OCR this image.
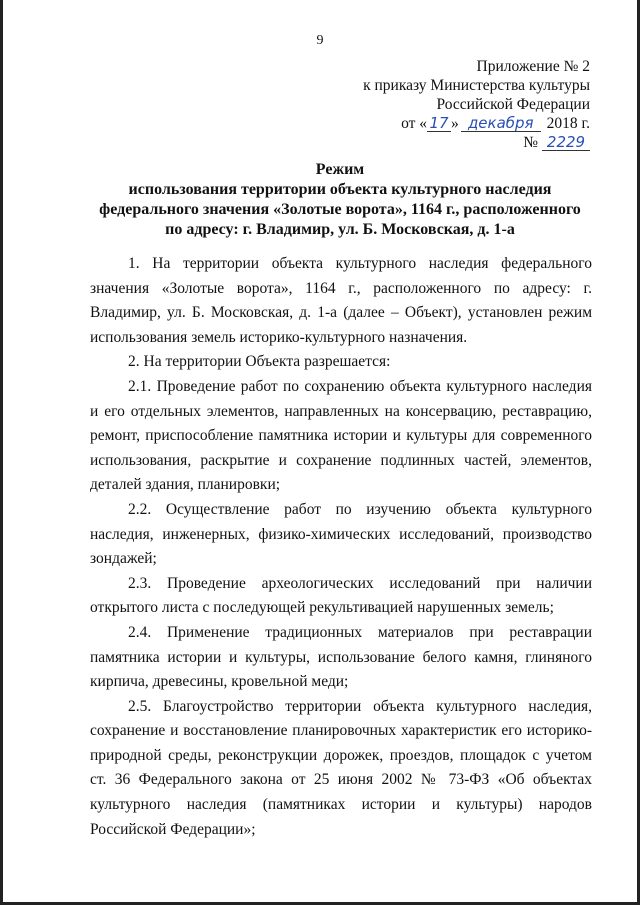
9
Приложение № 2
к приказу Министерства культуры
Российской Федерации
от « 17 » декабря 2018 г.
№ 2229
Режим
использования территории объекта культурного наследия
федерального значения «Золотые ворота», 1164 г., расположенного
по адресу: г. Владимир, ул. Б. Московская, д. 1-а

1. На территории объекта культурного наследия федерального значения «Золотые ворота», 1164 г., расположенного по адресу: г. Владимир, ул. Б. Московская, д. 1-а (далее – Объект), установлен режим использования земель историко-культурного назначения.

2. На территории Объекта разрешается:

2.1. Проведение работ по сохранению объекта культурного наследия и его отдельных элементов, направленных на консервацию, реставрацию, ремонт, приспособление памятника истории и культуры для современного использования, раскрытие и сохранение подлинных частей, элементов, деталей здания, планировки;

2.2. Осуществление работ по изучению объекта культурного наследия, инженерных, физико-химических исследований, производство зондажей;

2.3. Проведение археологических исследований при наличии открытого листа с последующей рекультивацией нарушенных земель;

2.4. Применение традиционных материалов при реставрации памятника истории и культуры, использование белого камня, глиняного кирпича, древесины, кровельной меди;

2.5. Благоустройство территории объекта культурного наследия, сохранение и восстановление планировочных характеристик его историко-природной среды, реконструкции дорожек, проездов, площадок с учетом ст. 36 Федерального закона от 25 июня 2002 № 73-ФЗ «Об объектах культурного наследия (памятниках истории и культуры) народов Российской Федерации»;
